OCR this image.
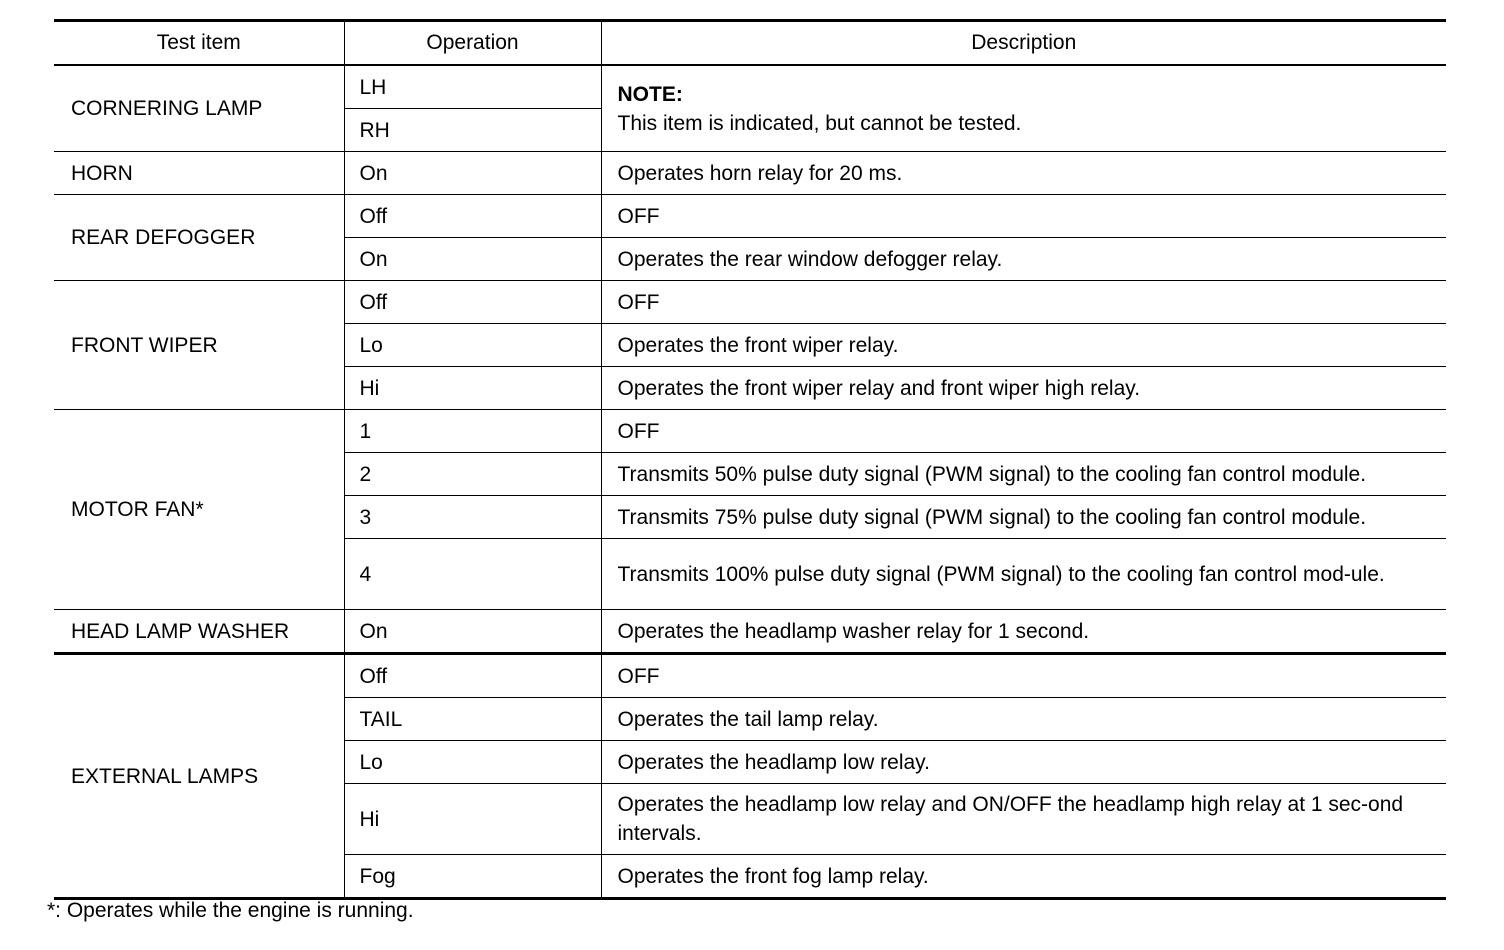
Test item	Operation	Description
CORNERING LAMP	LH	NOTE:
This item is indicated, but cannot be tested.
	RH	
HORN	On	Operates horn relay for 20 ms.
REAR DEFOGGER	Off	OFF
	On	Operates the rear window defogger relay.
FRONT WIPER	Off	OFF
	Lo	Operates the front wiper relay.
	Hi	Operates the front wiper relay and front wiper high relay.
MOTOR FAN*	1	OFF
	2	Transmits 50% pulse duty signal (PWM signal) to the cooling fan control module.
	3	Transmits 75% pulse duty signal (PWM signal) to the cooling fan control module.
	4	Transmits 100% pulse duty signal (PWM signal) to the cooling fan control mod-ule.
HEAD LAMP WASHER	On	Operates the headlamp washer relay for 1 second.
EXTERNAL LAMPS	Off	OFF
	TAIL	Operates the tail lamp relay.
	Lo	Operates the headlamp low relay.
	Hi	Operates the headlamp low relay and ON/OFF the headlamp high relay at 1 sec-ond intervals.
	Fog	Operates the front fog lamp relay.
*: Operates while the engine is running.
